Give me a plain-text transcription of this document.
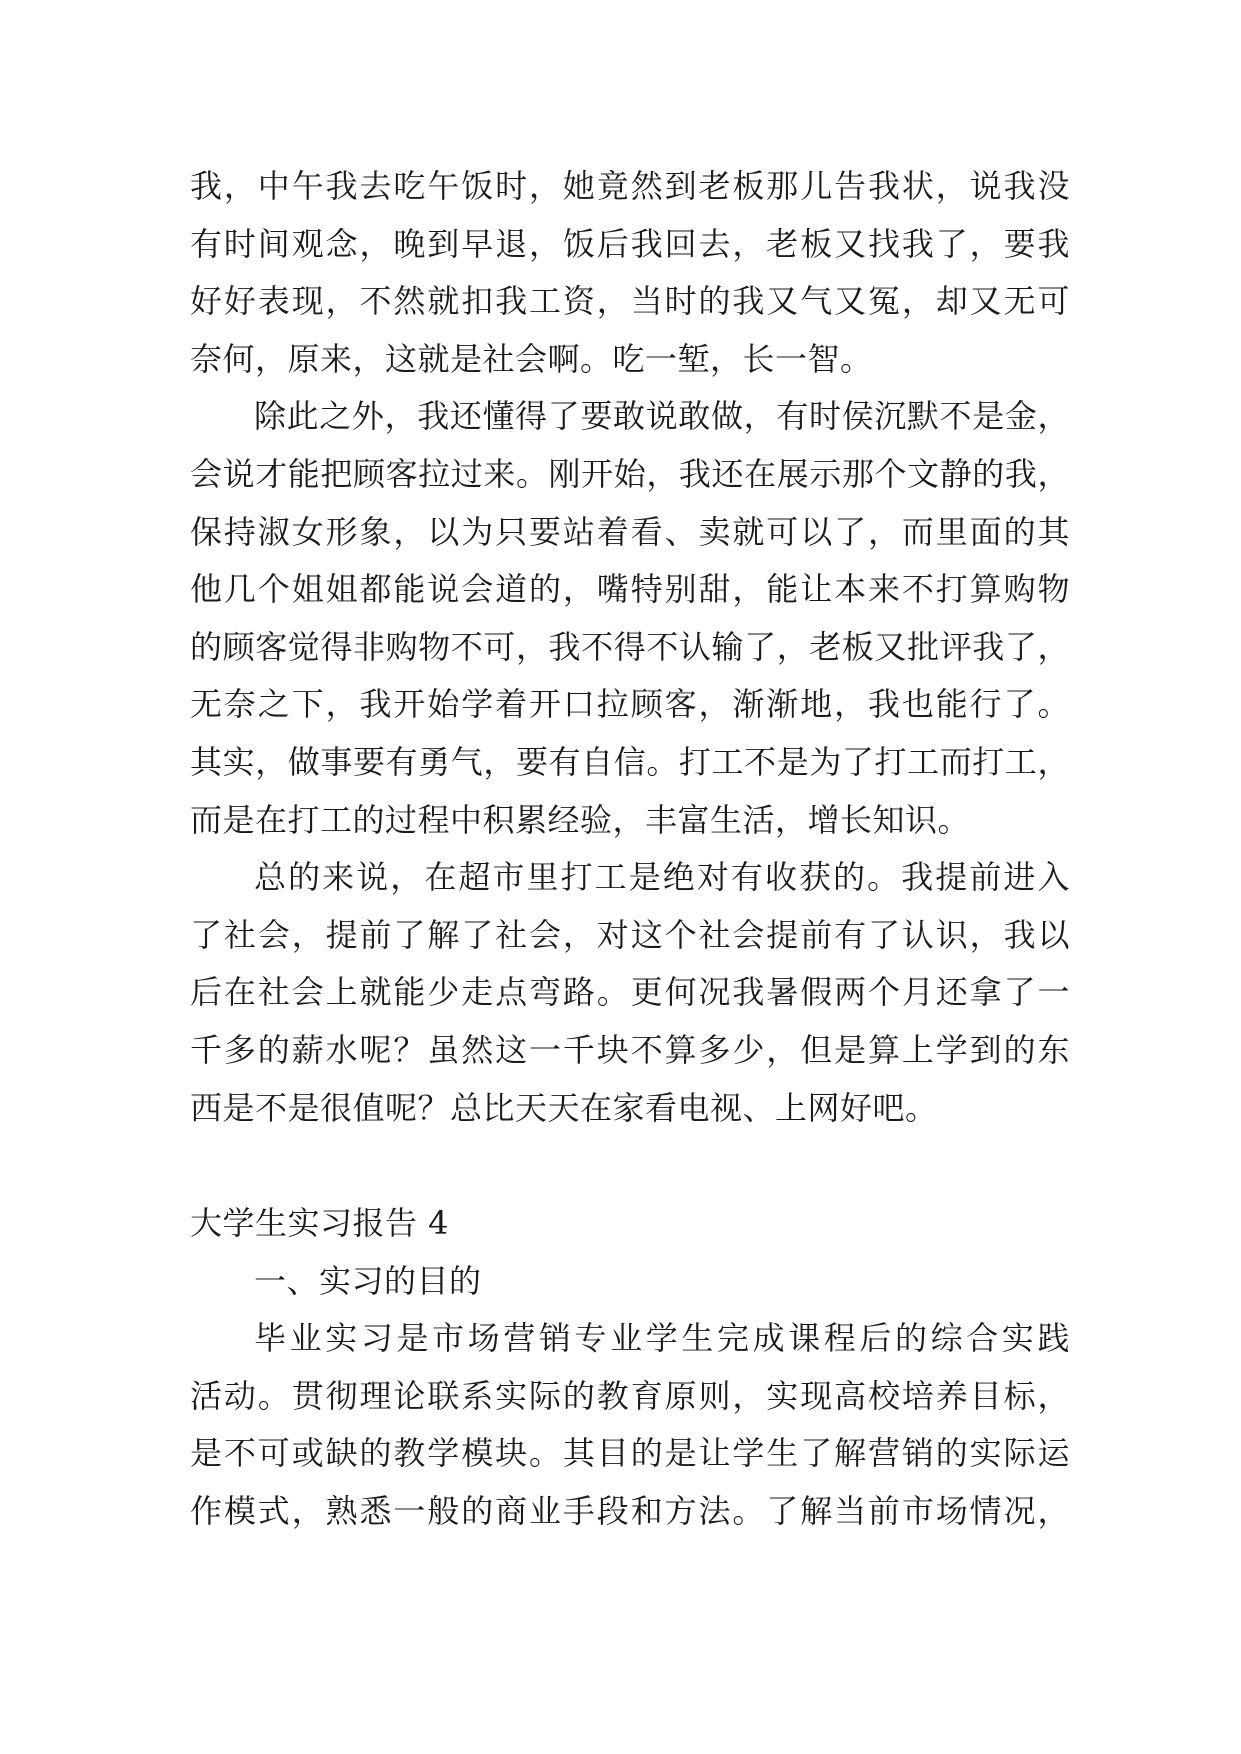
我，中午我去吃午饭时，她竟然到老板那儿告我状，说我没
有时间观念，晚到早退，饭后我回去，老板又找我了，要我
好好表现，不然就扣我工资，当时的我又气又冤，却又无可
奈何，原来，这就是社会啊。吃一堑，长一智。
除此之外，我还懂得了要敢说敢做，有时侯沉默不是金，
会说才能把顾客拉过来。刚开始，我还在展示那个文静的我，
保持淑女形象，以为只要站着看、卖就可以了，而里面的其
他几个姐姐都能说会道的，嘴特别甜，能让本来不打算购物
的顾客觉得非购物不可，我不得不认输了，老板又批评我了，
无奈之下，我开始学着开口拉顾客，渐渐地，我也能行了。
其实，做事要有勇气，要有自信。打工不是为了打工而打工，
而是在打工的过程中积累经验，丰富生活，增长知识。
总的来说，在超市里打工是绝对有收获的。我提前进入
了社会，提前了解了社会，对这个社会提前有了认识，我以
后在社会上就能少走点弯路。更何况我暑假两个月还拿了一
千多的薪水呢？虽然这一千块不算多少，但是算上学到的东
西是不是很值呢？总比天天在家看电视、上网好吧。
大学生实习报告 4
一、实习的目的
毕业实习是市场营销专业学生完成课程后的综合实践
活动。贯彻理论联系实际的教育原则，实现高校培养目标，
是不可或缺的教学模块。其目的是让学生了解营销的实际运
作模式，熟悉一般的商业手段和方法。了解当前市场情况，
